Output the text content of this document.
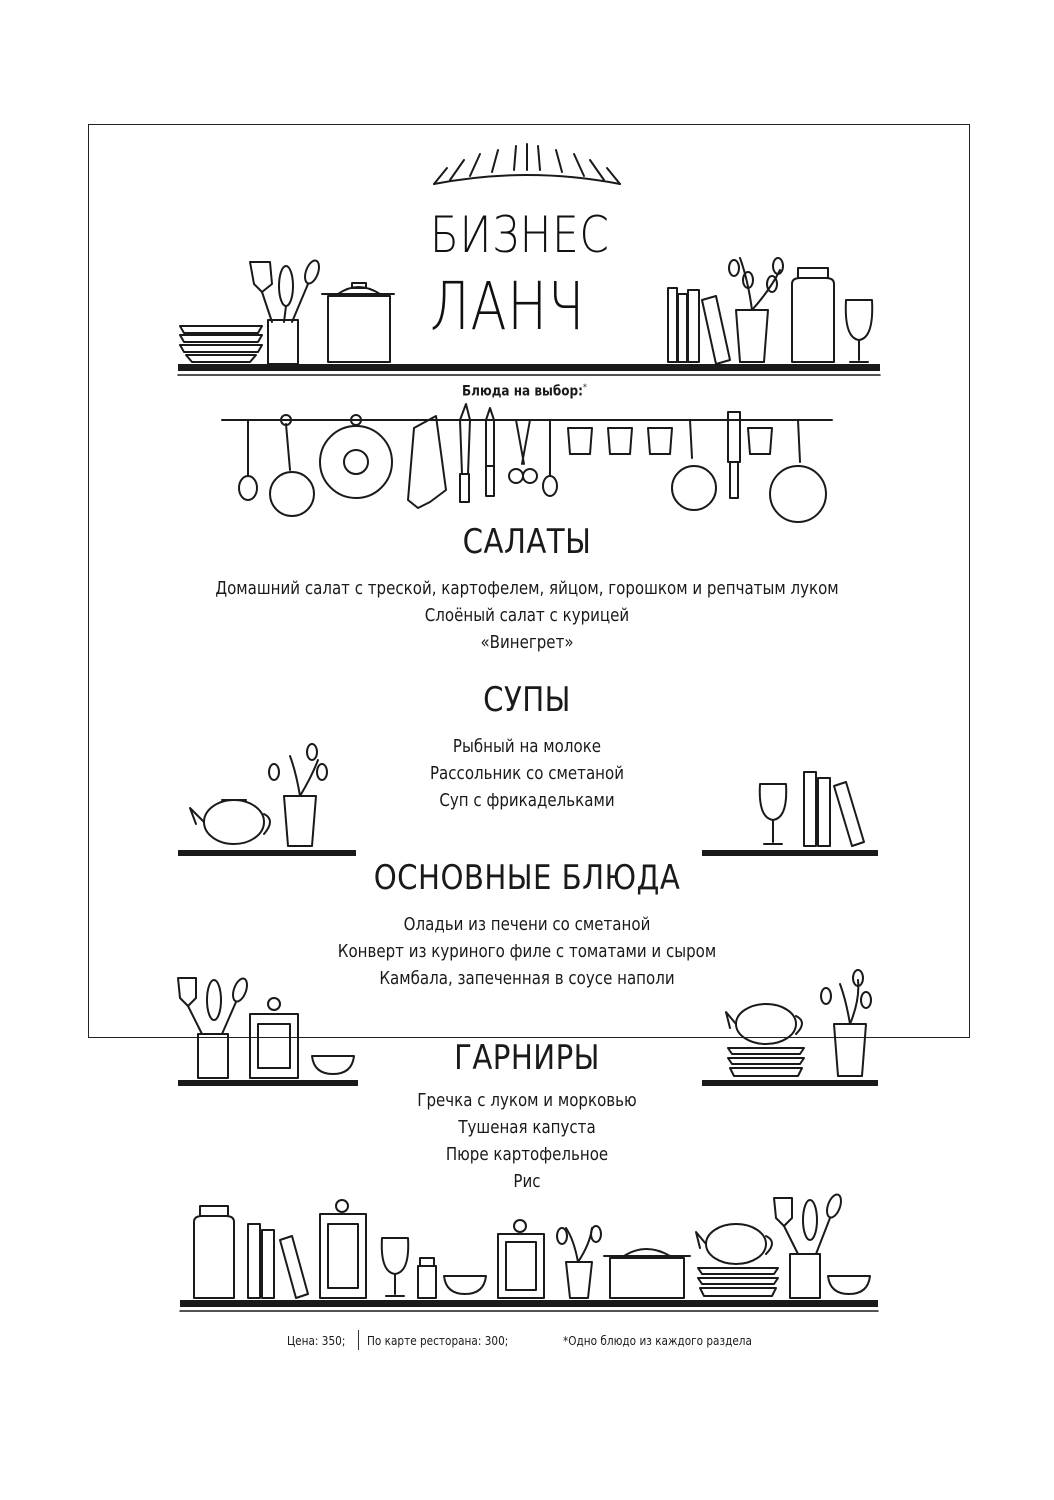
БИЗНЕС
ЛАНЧ
Блюда на выбор:*
САЛАТЫ
Домашний салат с треской, картофелем, яйцом, горошком и репчатым луком
Слоёный салат с курицей
«Винегрет»
СУПЫ
Рыбный на молоке
Рассольник со сметаной
Суп с фрикадельками
ОСНОВНЫЕ БЛЮДА
Оладьи из печени со сметаной
Конверт из куриного филе с томатами и сыром
Камбала, запеченная в соусе наполи
ГАРНИРЫ
Гречка с луком и морковью
Тушеная капуста
Пюре картофельное
Рис
Цена: 350; По карте ресторана: 300;	*Одно блюдо из каждого раздела
